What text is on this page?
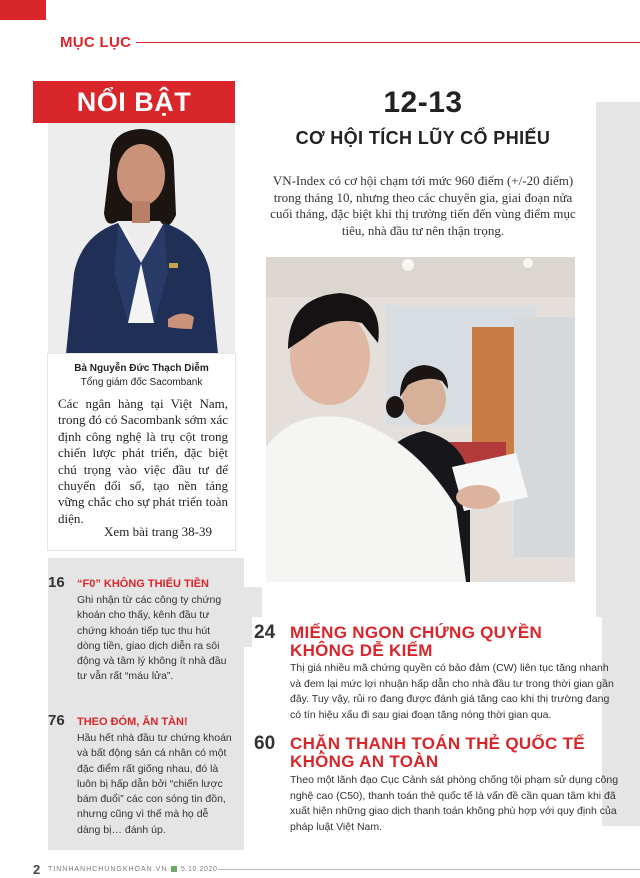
MỤC LỤC
NỔI BẬT
Bà Nguyễn Đức Thạch Diễm
Tổng giám đốc Sacombank
Các ngân hàng tại Việt Nam, trong đó có Sacombank sớm xác định công nghệ là trụ cột trong chiến lược phát triển, đặc biệt chú trọng vào việc đầu tư để chuyển đổi số, tạo nền tảng vững chắc cho sự phát triển toàn diện.
Xem bài trang 38-39
16 “F0” KHÔNG THIẾU TIỀN
Ghi nhận từ các công ty chứng khoán cho thấy, kênh đầu tư chứng khoán tiếp tục thu hút dòng tiền, giao dịch diễn ra sôi động và tâm lý không ít nhà đầu tư vẫn rất “máu lửa”.
76 THEO ĐÓM, ĂN TÀN!
Hầu hết nhà đầu tư chứng khoán và bất động sản cá nhân có một đặc điểm rất giống nhau, đó là luôn bị hấp dẫn bởi “chiến lược bám đuổi” các con sóng tin đồn, nhưng cũng vì thế mà họ dễ dàng bị… đánh úp.
12-13
CƠ HỘI TÍCH LŨY CỔ PHIẾU
VN-Index có cơ hội chạm tới mức 960 điểm (+/-20 điểm) trong tháng 10, nhưng theo các chuyên gia, giai đoạn nửa cuối tháng, đặc biệt khi thị trường tiến đến vùng điểm mục tiêu, nhà đầu tư nên thận trọng.
24 MIẾNG NGON CHỨNG QUYỀN KHÔNG DỄ KIẾM
Thị giá nhiều mã chứng quyền có bảo đảm (CW) liên tục tăng nhanh và đem lại mức lợi nhuận hấp dẫn cho nhà đầu tư trong thời gian gần đây. Tuy vậy, rủi ro đang được đánh giá tăng cao khi thị trường đang có tín hiệu xấu đi sau giai đoạn tăng nóng thời gian qua.
60 CHẶN THANH TOÁN THẺ QUỐC TẾ KHÔNG AN TOÀN
Theo một lãnh đạo Cục Cảnh sát phòng chống tội phạm sử dụng công nghệ cao (C50), thanh toán thẻ quốc tế là vấn đề cần quan tâm khi đã xuất hiện những giao dịch thanh toán không phù hợp với quy định của pháp luật Việt Nam.
2 TINNHANHCHUNGKHOAN.VN 5.10.2020
